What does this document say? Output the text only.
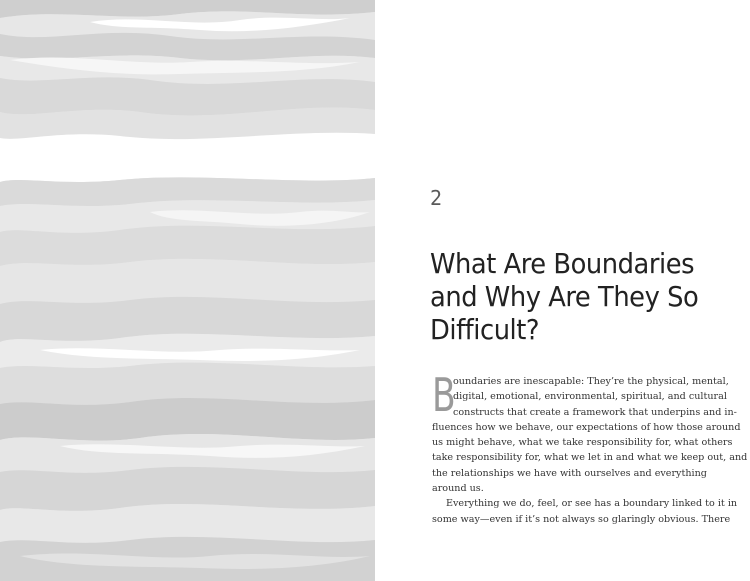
2
What Are Boundaries
and Why Are They So
Difficult?

B
oundaries are inescapable: They’re the physical, mental,
digital, emotional, environmental, spiritual, and cultural
constructs that create a framework that underpins and in-
fluences how we behave, our expectations of how those around
us might behave, what we take responsibility for, what others
take responsibility for, what we let in and what we keep out, and
the relationships we have with ourselves and everything
around us.

Everything we do, feel, or see has a boundary linked to it in
some way—even if it’s not always so glaringly obvious. There
